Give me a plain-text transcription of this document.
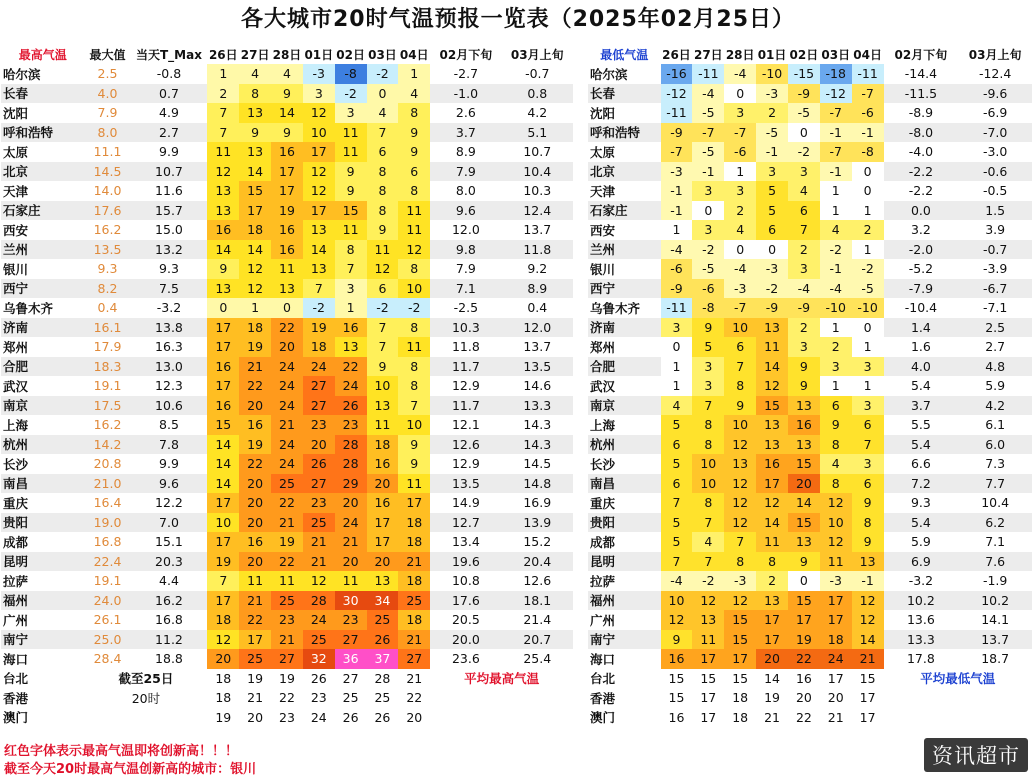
各大城市20时气温预报一览表（2025年02月25日）
最高气温	最大值	当天T_Max	26日	27日	28日	01日	02日	03日	04日	02月下旬	03月上旬
哈尔滨	2.5	-0.8	1	4	4	-3	-8	-2	1	-2.7	-0.7
长春	4.0	0.7	2	8	9	3	-2	0	4	-1.0	0.8
沈阳	7.9	4.9	7	13	14	12	3	4	8	2.6	4.2
呼和浩特	8.0	2.7	7	9	9	10	11	7	9	3.7	5.1
太原	11.1	9.9	11	13	16	17	11	6	9	8.9	10.7
北京	14.5	10.7	12	14	17	12	9	8	6	7.9	10.4
天津	14.0	11.6	13	15	17	12	9	8	8	8.0	10.3
石家庄	17.6	15.7	13	17	19	17	15	8	11	9.6	12.4
西安	16.2	15.0	16	18	16	13	11	9	11	12.0	13.7
兰州	13.5	13.2	14	14	16	14	8	11	12	9.8	11.8
银川	9.3	9.3	9	12	11	13	7	12	8	7.9	9.2
西宁	8.2	7.5	13	12	13	7	3	6	10	7.1	8.9
乌鲁木齐	0.4	-3.2	0	1	0	-2	1	-2	-2	-2.5	0.4
济南	16.1	13.8	17	18	22	19	16	7	8	10.3	12.0
郑州	17.9	16.3	17	19	20	18	13	7	11	11.8	13.7
合肥	18.3	13.0	16	21	24	24	22	9	8	11.7	13.5
武汉	19.1	12.3	17	22	24	27	24	10	8	12.9	14.6
南京	17.5	10.6	16	20	24	27	26	13	7	11.7	13.3
上海	16.2	8.5	15	16	21	23	23	11	10	12.1	14.3
杭州	14.2	7.8	14	19	24	20	28	18	9	12.6	14.3
长沙	20.8	9.9	14	22	24	26	28	16	9	12.9	14.5
南昌	21.0	9.6	14	20	25	27	29	20	11	13.5	14.8
重庆	16.4	12.2	17	20	22	23	20	16	17	14.9	16.9
贵阳	19.0	7.0	10	20	21	25	24	17	18	12.7	13.9
成都	16.8	15.1	17	16	19	21	21	17	18	13.4	15.2
昆明	22.4	20.3	19	20	22	21	20	20	21	19.6	20.4
拉萨	19.1	4.4	7	11	11	12	11	13	18	10.8	12.6
福州	24.0	16.2	17	21	25	28	30	34	25	17.6	18.1
广州	26.1	16.8	18	22	23	24	23	25	18	20.5	21.4
南宁	25.0	11.2	12	17	21	25	27	26	21	20.0	20.7
海口	28.4	18.8	20	25	27	32	36	37	27	23.6	25.4
台北	截至25日		18	19	19	26	27	28	21	平均最高气温	
香港	20时		18	21	22	23	25	25	22		
澳门			19	20	23	24	26	26	20		
最低气温	26日	27日	28日	01日	02日	03日	04日	02月下旬	03月上旬
哈尔滨	-16	-11	-4	-10	-15	-18	-11	-14.4	-12.4
长春	-12	-4	0	-3	-9	-12	-7	-11.5	-9.6
沈阳	-11	-5	3	2	-5	-7	-6	-8.9	-6.9
呼和浩特	-9	-7	-7	-5	0	-1	-1	-8.0	-7.0
太原	-7	-5	-6	-1	-2	-7	-8	-4.0	-3.0
北京	-3	-1	1	3	3	-1	0	-2.2	-0.6
天津	-1	3	3	5	4	1	0	-2.2	-0.5
石家庄	-1	0	2	5	6	1	1	0.0	1.5
西安	1	3	4	6	7	4	2	3.2	3.9
兰州	-4	-2	0	0	2	-2	1	-2.0	-0.7
银川	-6	-5	-4	-3	3	-1	-2	-5.2	-3.9
西宁	-9	-6	-3	-2	-4	-4	-5	-7.9	-6.7
乌鲁木齐	-11	-8	-7	-9	-9	-10	-10	-10.4	-7.1
济南	3	9	10	13	2	1	0	1.4	2.5
郑州	0	5	6	11	3	2	1	1.6	2.7
合肥	1	3	7	14	9	3	3	4.0	4.8
武汉	1	3	8	12	9	1	1	5.4	5.9
南京	4	7	9	15	13	6	3	3.7	4.2
上海	5	8	10	13	16	9	6	5.5	6.1
杭州	6	8	12	13	13	8	7	5.4	6.0
长沙	5	10	13	16	15	4	3	6.6	7.3
南昌	6	10	12	17	20	8	6	7.2	7.7
重庆	7	8	12	12	14	12	9	9.3	10.4
贵阳	5	7	12	14	15	10	8	5.4	6.2
成都	5	4	7	11	13	12	9	5.9	7.1
昆明	7	7	8	8	9	11	13	6.9	7.6
拉萨	-4	-2	-3	2	0	-3	-1	-3.2	-1.9
福州	10	12	12	13	15	17	12	10.2	10.2
广州	12	13	15	17	17	17	12	13.6	14.1
南宁	9	11	15	17	19	18	14	13.3	13.7
海口	16	17	17	20	22	24	21	17.8	18.7
台北	15	15	15	14	16	17	15	平均最低气温	
香港	15	17	18	19	20	20	17		
澳门	16	17	18	21	22	21	17		
红色字体表示最高气温即将创新高！！！
截至今天20时最高气温创新高的城市：银川
资讯超市
